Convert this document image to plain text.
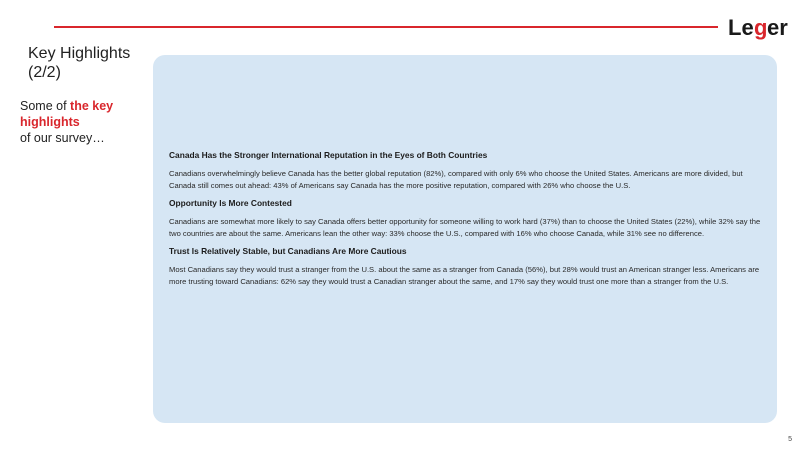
Le g er
Key Highlights
(2/2)
Some of the key
highlights
of our survey…

Canada Has the Stronger International Reputation in the Eyes of Both Countries

Canadians overwhelmingly believe Canada has the better global reputation (82%), compared with only 6% who choose the United States. Americans are more divided, but Canada still comes out ahead: 43% of Americans say Canada has the more positive reputation, compared with 26% who choose the U.S.

Opportunity Is More Contested

Canadians are somewhat more likely to say Canada offers better opportunity for someone willing to work hard (37%) than to choose the United States (22%), while 32% say the two countries are about the same. Americans lean the other way: 33% choose the U.S., compared with 16% who choose Canada, while 31% see no difference.

Trust Is Relatively Stable, but Canadians Are More Cautious

Most Canadians say they would trust a stranger from the U.S. about the same as a stranger from Canada (56%), but 28% would trust an American stranger less. Americans are more trusting toward Canadians: 62% say they would trust a Canadian stranger about the same, and 17% say they would trust one more than a stranger from the U.S.

5
